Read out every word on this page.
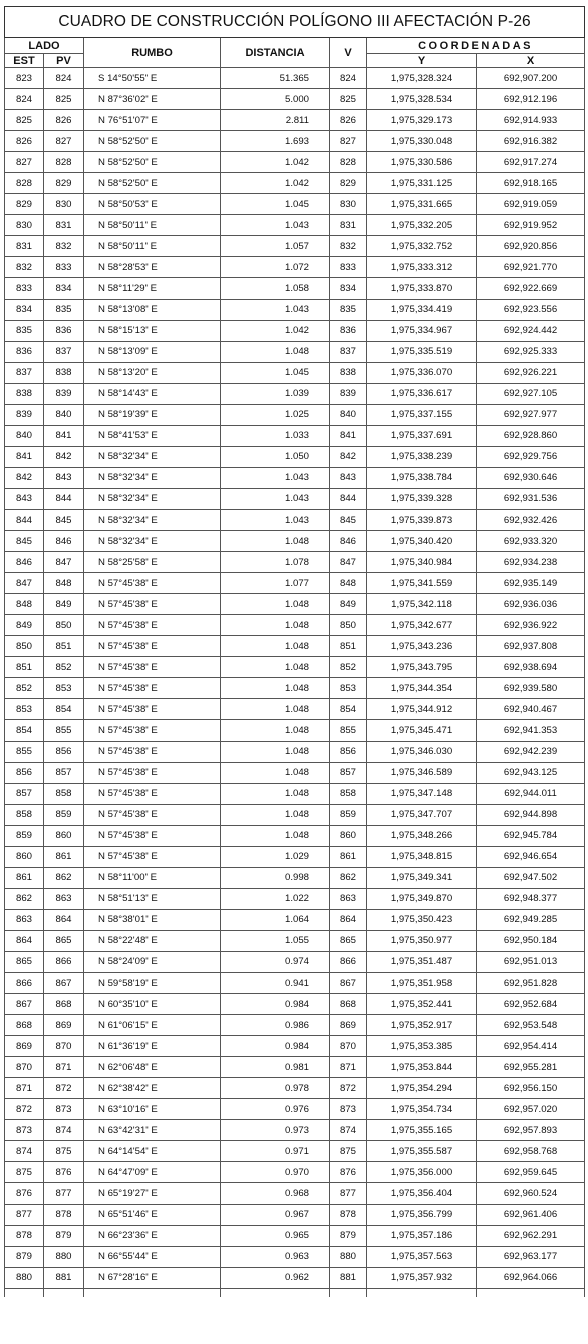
CUADRO DE CONSTRUCCIÓN POLÍGONO III AFECTACIÓN P-26						
LADO		RUMBO	DISTANCIA	V	COORDENADAS	
EST	PV				Y	X
823	824	S 14°50'55" E	51.365	824	1,975,328.324	692,907.200
824	825	N 87°36'02" E	5.000	825	1,975,328.534	692,912.196
825	826	N 76°51'07" E	2.811	826	1,975,329.173	692,914.933
826	827	N 58°52'50" E	1.693	827	1,975,330.048	692,916.382
827	828	N 58°52'50" E	1.042	828	1,975,330.586	692,917.274
828	829	N 58°52'50" E	1.042	829	1,975,331.125	692,918.165
829	830	N 58°50'53" E	1.045	830	1,975,331.665	692,919.059
830	831	N 58°50'11" E	1.043	831	1,975,332.205	692,919.952
831	832	N 58°50'11" E	1.057	832	1,975,332.752	692,920.856
832	833	N 58°28'53" E	1.072	833	1,975,333.312	692,921.770
833	834	N 58°11'29" E	1.058	834	1,975,333.870	692,922.669
834	835	N 58°13'08" E	1.043	835	1,975,334.419	692,923.556
835	836	N 58°15'13" E	1.042	836	1,975,334.967	692,924.442
836	837	N 58°13'09" E	1.048	837	1,975,335.519	692,925.333
837	838	N 58°13'20" E	1.045	838	1,975,336.070	692,926.221
838	839	N 58°14'43" E	1.039	839	1,975,336.617	692,927.105
839	840	N 58°19'39" E	1.025	840	1,975,337.155	692,927.977
840	841	N 58°41'53" E	1.033	841	1,975,337.691	692,928.860
841	842	N 58°32'34" E	1.050	842	1,975,338.239	692,929.756
842	843	N 58°32'34" E	1.043	843	1,975,338.784	692,930.646
843	844	N 58°32'34" E	1.043	844	1,975,339.328	692,931.536
844	845	N 58°32'34" E	1.043	845	1,975,339.873	692,932.426
845	846	N 58°32'34" E	1.048	846	1,975,340.420	692,933.320
846	847	N 58°25'58" E	1.078	847	1,975,340.984	692,934.238
847	848	N 57°45'38" E	1.077	848	1,975,341.559	692,935.149
848	849	N 57°45'38" E	1.048	849	1,975,342.118	692,936.036
849	850	N 57°45'38" E	1.048	850	1,975,342.677	692,936.922
850	851	N 57°45'38" E	1.048	851	1,975,343.236	692,937.808
851	852	N 57°45'38" E	1.048	852	1,975,343.795	692,938.694
852	853	N 57°45'38" E	1.048	853	1,975,344.354	692,939.580
853	854	N 57°45'38" E	1.048	854	1,975,344.912	692,940.467
854	855	N 57°45'38" E	1.048	855	1,975,345.471	692,941.353
855	856	N 57°45'38" E	1.048	856	1,975,346.030	692,942.239
856	857	N 57°45'38" E	1.048	857	1,975,346.589	692,943.125
857	858	N 57°45'38" E	1.048	858	1,975,347.148	692,944.011
858	859	N 57°45'38" E	1.048	859	1,975,347.707	692,944.898
859	860	N 57°45'38" E	1.048	860	1,975,348.266	692,945.784
860	861	N 57°45'38" E	1.029	861	1,975,348.815	692,946.654
861	862	N 58°11'00" E	0.998	862	1,975,349.341	692,947.502
862	863	N 58°51'13" E	1.022	863	1,975,349.870	692,948.377
863	864	N 58°38'01" E	1.064	864	1,975,350.423	692,949.285
864	865	N 58°22'48" E	1.055	865	1,975,350.977	692,950.184
865	866	N 58°24'09" E	0.974	866	1,975,351.487	692,951.013
866	867	N 59°58'19" E	0.941	867	1,975,351.958	692,951.828
867	868	N 60°35'10" E	0.984	868	1,975,352.441	692,952.684
868	869	N 61°06'15" E	0.986	869	1,975,352.917	692,953.548
869	870	N 61°36'19" E	0.984	870	1,975,353.385	692,954.414
870	871	N 62°06'48" E	0.981	871	1,975,353.844	692,955.281
871	872	N 62°38'42" E	0.978	872	1,975,354.294	692,956.150
872	873	N 63°10'16" E	0.976	873	1,975,354.734	692,957.020
873	874	N 63°42'31" E	0.973	874	1,975,355.165	692,957.893
874	875	N 64°14'54" E	0.971	875	1,975,355.587	692,958.768
875	876	N 64°47'09" E	0.970	876	1,975,356.000	692,959.645
876	877	N 65°19'27" E	0.968	877	1,975,356.404	692,960.524
877	878	N 65°51'46" E	0.967	878	1,975,356.799	692,961.406
878	879	N 66°23'36" E	0.965	879	1,975,357.186	692,962.291
879	880	N 66°55'44" E	0.963	880	1,975,357.563	692,963.177
880	881	N 67°28'16" E	0.962	881	1,975,357.932	692,964.066
